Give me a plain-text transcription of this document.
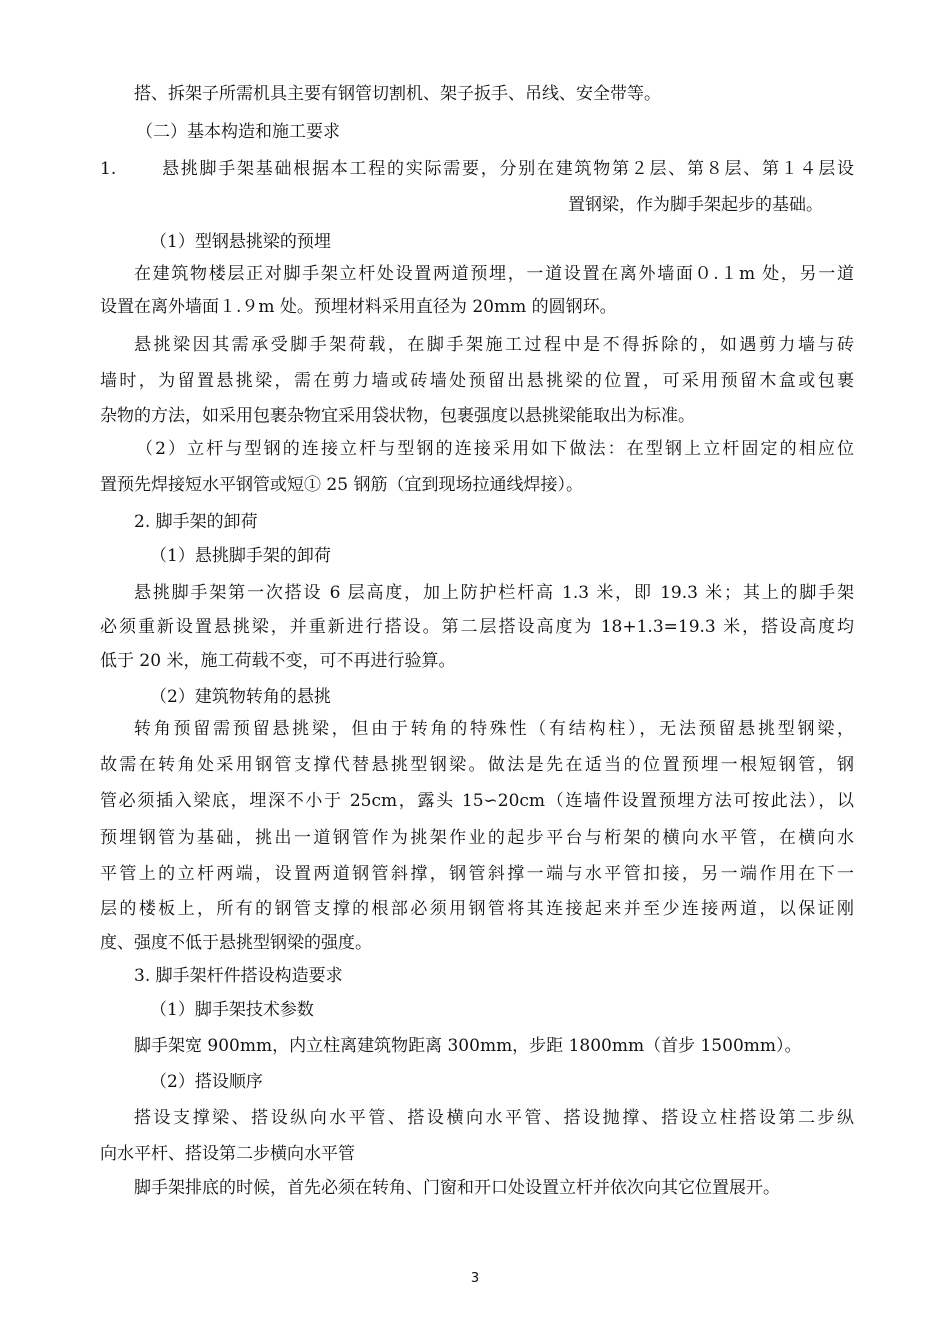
搭、拆架子所需机具主要有钢管切割机、架子扳手、吊线、安全带等。
（二）基本构造和施工要求
1.	悬挑脚手架基础根据本工程的实际需要，分别在建筑物第２层、第８层、第１４层设
置钢梁，作为脚手架起步的基础。
（1）型钢悬挑梁的预埋
在建筑物楼层正对脚手架立杆处设置两道预埋，一道设置在离外墙面０.１m 处，另一道
设置在离外墙面１.９m 处。预埋材料采用直径为 20mm 的圆钢环。
悬挑梁因其需承受脚手架荷载，在脚手架施工过程中是不得拆除的，如遇剪力墙与砖
墙时，为留置悬挑梁，需在剪力墙或砖墙处预留出悬挑梁的位置，可采用预留木盒或包裹
杂物的方法，如采用包裹杂物宜采用袋状物，包裹强度以悬挑梁能取出为标准。
（2）立杆与型钢的连接立杆与型钢的连接采用如下做法：在型钢上立杆固定的相应位
置预先焊接短水平钢管或短① 25 钢筋（宜到现场拉通线焊接）。
2. 脚手架的卸荷
（1）悬挑脚手架的卸荷
悬挑脚手架第一次搭设 6 层高度，加上防护栏杆高 1.3 米，即 19.3 米；其上的脚手架
必须重新设置悬挑梁，并重新进行搭设。第二层搭设高度为 18+1.3=19.3 米，搭设高度均
低于 20 米，施工荷载不变，可不再进行验算。
（2）建筑物转角的悬挑
转角预留需预留悬挑梁，但由于转角的特殊性（有结构柱），无法预留悬挑型钢梁，
故需在转角处采用钢管支撑代替悬挑型钢梁。做法是先在适当的位置预埋一根短钢管，钢
管必须插入梁底，埋深不小于 25cm，露头 15∽20cm（连墙件设置预埋方法可按此法），以
预埋钢管为基础，挑出一道钢管作为挑架作业的起步平台与桁架的横向水平管，在横向水
平管上的立杆两端，设置两道钢管斜撑，钢管斜撑一端与水平管扣接，另一端作用在下一
层的楼板上，所有的钢管支撑的根部必须用钢管将其连接起来并至少连接两道，以保证刚
度、强度不低于悬挑型钢梁的强度。
3. 脚手架杆件搭设构造要求
（1）脚手架技术参数
脚手架宽 900mm，内立柱离建筑物距离 300mm，步距 1800mm（首步 1500mm）。
（2）搭设顺序
搭设支撑梁、搭设纵向水平管、搭设横向水平管、搭设抛撑、搭设立柱搭设第二步纵
向水平杆、搭设第二步横向水平管
脚手架排底的时候，首先必须在转角、门窗和开口处设置立杆并依次向其它位置展开。
3
